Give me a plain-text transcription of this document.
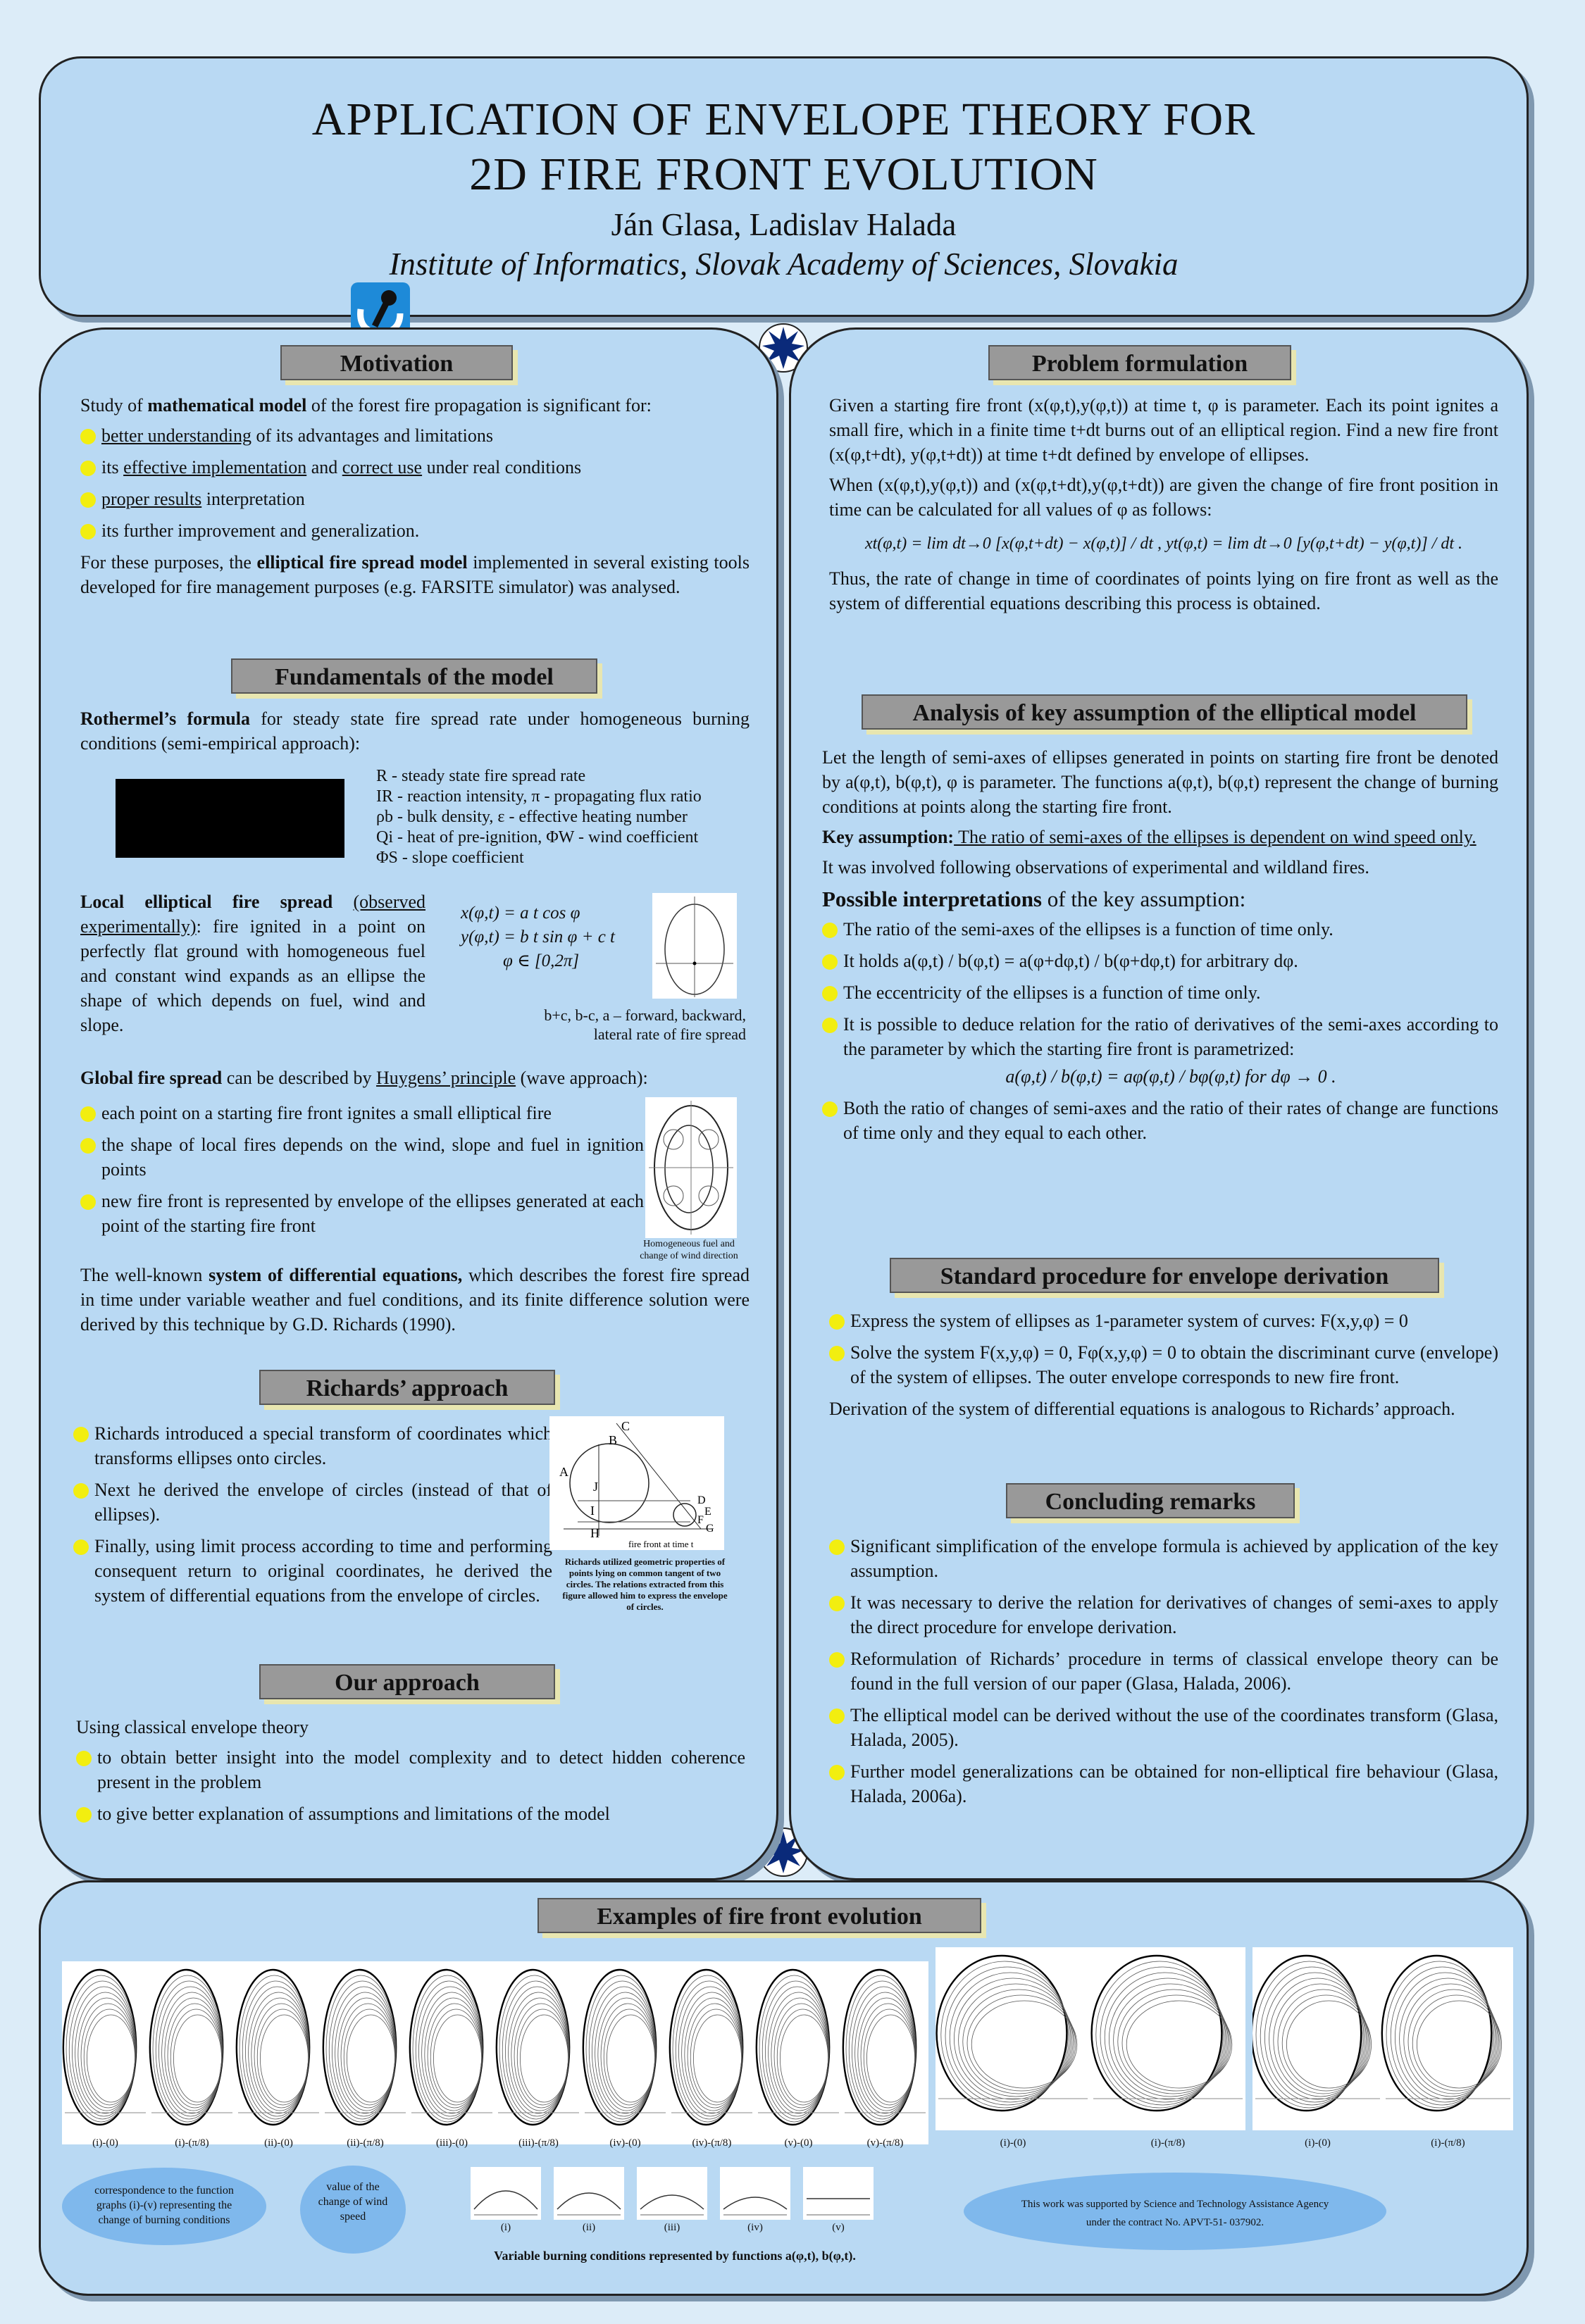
APPLICATION OF ENVELOPE THEORY FOR
2D FIRE FRONT EVOLUTION
Ján Glasa, Ladislav Halada
Institute of Informatics, Slovak Academy of Sciences, Slovakia
Motivation

Study of mathematical model of the forest fire propagation is significant for:

better understanding of its advantages and limitations
its effective implementation and correct use under real conditions
proper results interpretation
its further improvement and generalization.

For these purposes, the elliptical fire spread model implemented in several existing tools developed for fire management purposes (e.g. FARSITE simulator) was analysed.

Fundamentals of the model
Rothermel’s formula for steady state fire spread rate under homogeneous burning conditions (semi-empirical approach):
R - steady state fire spread rate
IR - reaction intensity, π - propagating flux ratio
ρb - bulk density, ε - effective heating number
Qi - heat of pre-ignition, ΦW - wind coefficient
ΦS - slope coefficient
Local elliptical fire spread (observed experimentally): fire ignited in a point on perfectly flat ground with homogeneous fuel and constant wind expands as an ellipse the shape of which depends on fuel, wind and slope.
x(φ,t) = a t cos φ
y(φ,t) = b t sin φ + c t
φ ∈ [0,2π]
b+c, b-c, a – forward, backward, lateral rate of fire spread
Global fire spread can be described by Huygens’ principle (wave approach):
each point on a starting fire front ignites a small elliptical fire
the shape of local fires depends on the wind, slope and fuel in ignition points
new fire front is represented by envelope of the ellipses generated at each point of the starting fire front
Homogeneous fuel and change of wind direction
The well-known system of differential equations, which describes the forest fire spread in time under variable weather and fuel conditions, and its finite difference solution were derived by this technique by G.D. Richards (1990).
Richards’ approach
Richards introduced a special transform of coordinates which transforms ellipses onto circles.
Next he derived the envelope of circles (instead of that of ellipses).
Finally, using limit process according to time and performing consequent return to original coordinates, he derived the system of differential equations from the envelope of circles.
C
B
A
J
I
H
D
E
F
G
fire front at time t
Richards utilized geometric properties of points lying on common tangent of two circles. The relations extracted from this figure allowed him to express the envelope of circles.
Our approach

Using classical envelope theory

to obtain better insight into the model complexity and to detect hidden coherence present in the problem
to give better explanation of assumptions and limitations of the model
Problem formulation

Given a starting fire front (x(φ,t),y(φ,t)) at time t, φ is parameter. Each its point ignites a small fire, which in a finite time t+dt burns out of an elliptical region. Find a new fire front (x(φ,t+dt), y(φ,t+dt)) at time t+dt defined by envelope of ellipses.

When (x(φ,t),y(φ,t)) and (x(φ,t+dt),y(φ,t+dt)) are given the change of fire front position in time can be calculated for all values of φ as follows:

xt(φ,t) = lim dt→0 [x(φ,t+dt) − x(φ,t)] / dt , yt(φ,t) = lim dt→0 [y(φ,t+dt) − y(φ,t)] / dt .

Thus, the rate of change in time of coordinates of points lying on fire front as well as the system of differential equations describing this process is obtained.

Analysis of key assumption of the elliptical model

Let the length of semi-axes of ellipses generated in points on starting fire front be denoted by a(φ,t), b(φ,t), φ is parameter. The functions a(φ,t), b(φ,t) represent the change of burning conditions at points along the starting fire front.

Key assumption: The ratio of semi-axes of the ellipses is dependent on wind speed only.

It was involved following observations of experimental and wildland fires.

Possible interpretations of the key assumption:

The ratio of the semi-axes of the ellipses is a function of time only.
It holds a(φ,t) / b(φ,t) = a(φ+dφ,t) / b(φ+dφ,t) for arbitrary dφ.
The eccentricity of the ellipses is a function of time only.
It is possible to deduce relation for the ratio of derivatives of the semi-axes according to the parameter by which the starting fire front is parametrized:
a(φ,t) / b(φ,t) = aφ(φ,t) / bφ(φ,t) for dφ → 0 .
Both the ratio of changes of semi-axes and the ratio of their rates of change are functions of time only and they equal to each other.
Standard procedure for envelope derivation
Express the system of ellipses as 1-parameter system of curves: F(x,y,φ) = 0
Solve the system F(x,y,φ) = 0, Fφ(x,y,φ) = 0 to obtain the discriminant curve (envelope) of the system of ellipses. The outer envelope corresponds to new fire front.

Derivation of the system of differential equations is analogous to Richards’ approach.

Concluding remarks
Significant simplification of the envelope formula is achieved by application of the key assumption.
It was necessary to derive the relation for derivatives of changes of semi-axes to apply the direct procedure for envelope derivation.
Reformulation of Richards’ procedure in terms of classical envelope theory can be found in the full version of our paper (Glasa, Halada, 2006).
The elliptical model can be derived without the use of the coordinates transform (Glasa, Halada, 2005).
Further model generalizations can be obtained for non-elliptical fire behaviour (Glasa, Halada, 2006a).
Examples of fire front evolution
(i)-(0)	(i)-(π/8)	(ii)-(0)	(ii)-(π/8)	(iii)-(0)	(iii)-(π/8)	(iv)-(0)	(iv)-(π/8)	(v)-(0)	(v)-(π/8)	(i)-(0)	(i)-(π/8)	(i)-(0)	(i)-(π/8)
correspondence to the function graphs (i)-(v) representing the change of burning conditions
value of the change of wind speed
(i)	(ii)	(iii)	(iv)	(v)
Variable burning conditions represented by functions a(φ,t), b(φ,t).
This work was supported by Science and Technology Assistance Agency
under the contract No. APVT-51- 037902.
